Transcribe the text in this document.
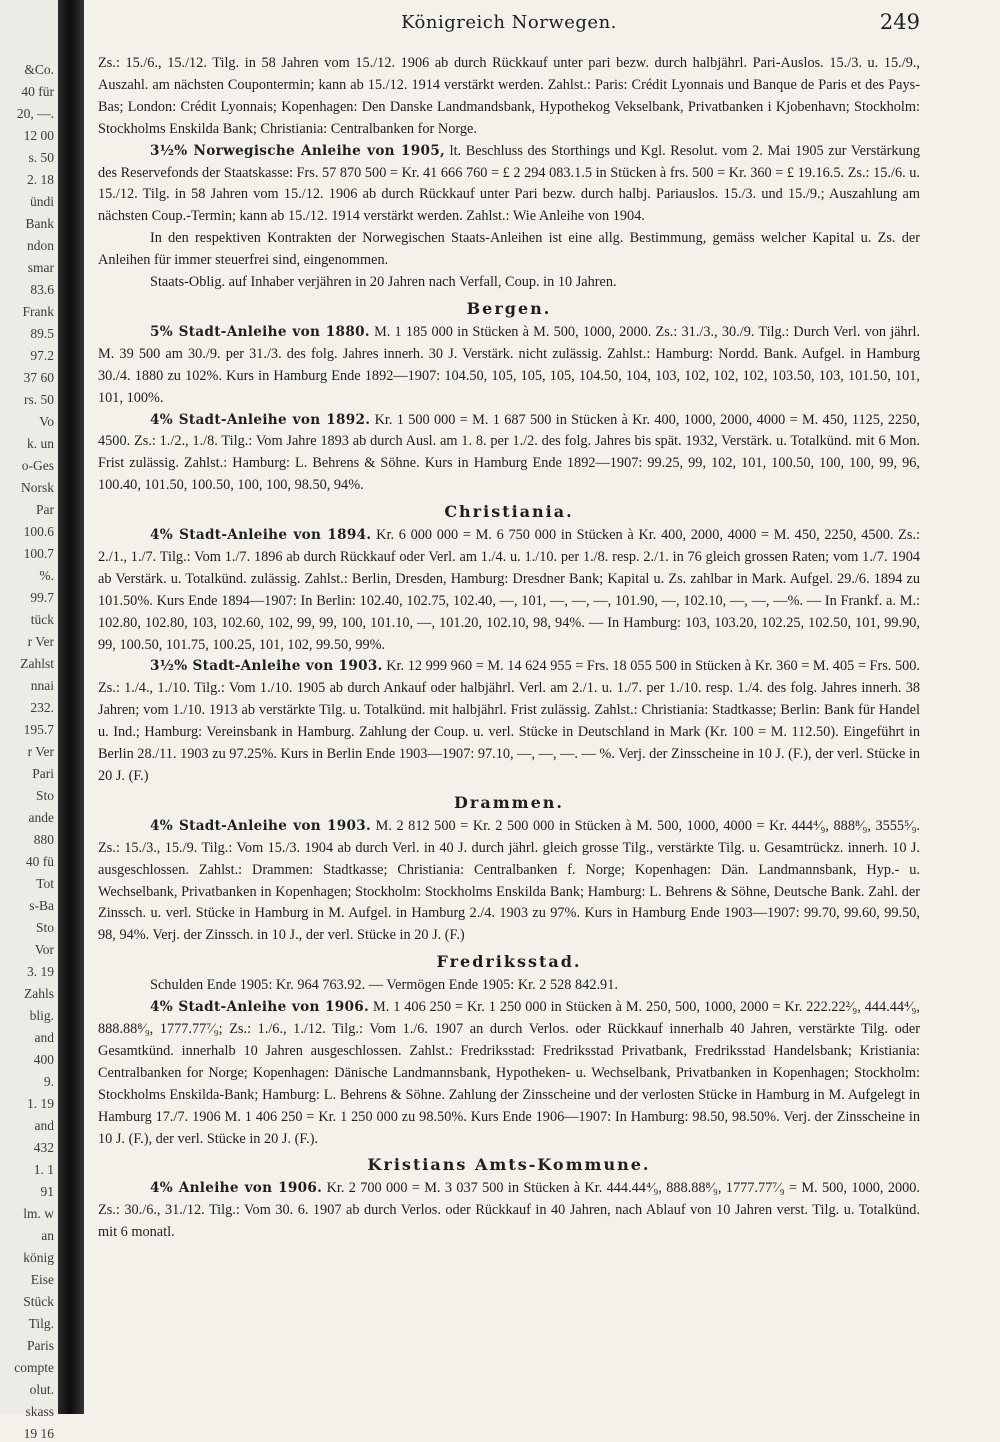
&Co.
40 für
20, —.
12 00
s. 50
2. 18
ündi
Bank
ndon
smar
83.6
Frank
89.5
97.2
37 60
rs. 50
Vo
k. un
o-Ges
Norsk
Par
100.6
100.7
%.
99.7
tück
r Ver
Zahlst
nnai
232.
195.7
r Ver
Pari
Sto
ande
880
40 fü
Tot
s-Ba
Sto
Vor
3. 19
Zahls
blig.
and
400
9.
1. 19
and
432
1. 1
91
lm. w
an
könig
Eise
Stück
Tilg.
Paris
compte
olut.
skass
19 16
Königreich Norwegen.	249

Zs.: 15./6., 15./12. Tilg. in 58 Jahren vom 15./12. 1906 ab durch Rückkauf unter pari bezw. durch halbjährl. Pari-Auslos. 15./3. u. 15./9., Auszahl. am nächsten Coupontermin; kann ab 15./12. 1914 verstärkt werden. Zahlst.: Paris: Crédit Lyonnais und Banque de Paris et des Pays-Bas; London: Crédit Lyonnais; Kopenhagen: Den Danske Landmandsbank, Hypothekog Vekselbank, Privatbanken i Kjobenhavn; Stockholm: Stockholms Enskilda Bank; Christiania: Centralbanken for Norge.

3½% Norwegische Anleihe von 1905, lt. Beschluss des Storthings und Kgl. Resolut. vom 2. Mai 1905 zur Verstärkung des Reservefonds der Staatskasse: Frs. 57 870 500 = Kr. 41 666 760 = £ 2 294 083.1.5 in Stücken à frs. 500 = Kr. 360 = £ 19.16.5. Zs.: 15./6. u. 15./12. Tilg. in 58 Jahren vom 15./12. 1906 ab durch Rückkauf unter Pari bezw. durch halbj. Pariauslos. 15./3. und 15./9.; Auszahlung am nächsten Coup.-Termin; kann ab 15./12. 1914 verstärkt werden. Zahlst.: Wie Anleihe von 1904.

In den respektiven Kontrakten der Norwegischen Staats-Anleihen ist eine allg. Bestimmung, gemäss welcher Kapital u. Zs. der Anleihen für immer steuerfrei sind, eingenommen.

Staats-Oblig. auf Inhaber verjähren in 20 Jahren nach Verfall, Coup. in 10 Jahren.

Bergen.

5% Stadt-Anleihe von 1880. M. 1 185 000 in Stücken à M. 500, 1000, 2000. Zs.: 31./3., 30./9. Tilg.: Durch Verl. von jährl. M. 39 500 am 30./9. per 31./3. des folg. Jahres innerh. 30 J. Verstärk. nicht zulässig. Zahlst.: Hamburg: Nordd. Bank. Aufgel. in Hamburg 30./4. 1880 zu 102%. Kurs in Hamburg Ende 1892—1907: 104.50, 105, 105, 105, 104.50, 104, 103, 102, 102, 102, 103.50, 103, 101.50, 101, 101, 100%.

4% Stadt-Anleihe von 1892. Kr. 1 500 000 = M. 1 687 500 in Stücken à Kr. 400, 1000, 2000, 4000 = M. 450, 1125, 2250, 4500. Zs.: 1./2., 1./8. Tilg.: Vom Jahre 1893 ab durch Ausl. am 1. 8. per 1./2. des folg. Jahres bis spät. 1932, Verstärk. u. Totalkünd. mit 6 Mon. Frist zulässig. Zahlst.: Hamburg: L. Behrens & Söhne. Kurs in Hamburg Ende 1892—1907: 99.25, 99, 102, 101, 100.50, 100, 100, 99, 96, 100.40, 101.50, 100.50, 100, 100, 98.50, 94%.

Christiania.

4% Stadt-Anleihe von 1894. Kr. 6 000 000 = M. 6 750 000 in Stücken à Kr. 400, 2000, 4000 = M. 450, 2250, 4500. Zs.: 2./1., 1./7. Tilg.: Vom 1./7. 1896 ab durch Rückkauf oder Verl. am 1./4. u. 1./10. per 1./8. resp. 2./1. in 76 gleich grossen Raten; vom 1./7. 1904 ab Verstärk. u. Totalkünd. zulässig. Zahlst.: Berlin, Dresden, Hamburg: Dresdner Bank; Kapital u. Zs. zahlbar in Mark. Aufgel. 29./6. 1894 zu 101.50%. Kurs Ende 1894—1907: In Berlin: 102.40, 102.75, 102.40, —, 101, —, —, —, 101.90, —, 102.10, —, —, —%. — In Frankf. a. M.: 102.80, 102.80, 103, 102.60, 102, 99, 99, 100, 101.10, —, 101.20, 102.10, 98, 94%. — In Hamburg: 103, 103.20, 102.25, 102.50, 101, 99.90, 99, 100.50, 101.75, 100.25, 101, 102, 99.50, 99%.

3½% Stadt-Anleihe von 1903. Kr. 12 999 960 = M. 14 624 955 = Frs. 18 055 500 in Stücken à Kr. 360 = M. 405 = Frs. 500. Zs.: 1./4., 1./10. Tilg.: Vom 1./10. 1905 ab durch Ankauf oder halbjährl. Verl. am 2./1. u. 1./7. per 1./10. resp. 1./4. des folg. Jahres innerh. 38 Jahren; vom 1./10. 1913 ab verstärkte Tilg. u. Totalkünd. mit halbjährl. Frist zulässig. Zahlst.: Christiania: Stadtkasse; Berlin: Bank für Handel u. Ind.; Hamburg: Vereinsbank in Hamburg. Zahlung der Coup. u. verl. Stücke in Deutschland in Mark (Kr. 100 = M. 112.50). Eingeführt in Berlin 28./11. 1903 zu 97.25%. Kurs in Berlin Ende 1903—1907: 97.10, —, —, —. — %. Verj. der Zinsscheine in 10 J. (F.), der verl. Stücke in 20 J. (F.)

Drammen.

4% Stadt-Anleihe von 1903. M. 2 812 500 = Kr. 2 500 000 in Stücken à M. 500, 1000, 4000 = Kr. 444⁴⁄₉, 888⁸⁄₉, 3555⁵⁄₉. Zs.: 15./3., 15./9. Tilg.: Vom 15./3. 1904 ab durch Verl. in 40 J. durch jährl. gleich grosse Tilg., verstärkte Tilg. u. Gesamtrückz. innerh. 10 J. ausgeschlossen. Zahlst.: Drammen: Stadtkasse; Christiania: Centralbanken f. Norge; Kopenhagen: Dän. Landmannsbank, Hyp.- u. Wechselbank, Privatbanken in Kopenhagen; Stockholm: Stockholms Enskilda Bank; Hamburg: L. Behrens & Söhne, Deutsche Bank. Zahl. der Zinssch. u. verl. Stücke in Hamburg in M. Aufgel. in Hamburg 2./4. 1903 zu 97%. Kurs in Hamburg Ende 1903—1907: 99.70, 99.60, 99.50, 98, 94%. Verj. der Zinssch. in 10 J., der verl. Stücke in 20 J. (F.)

Fredriksstad.

Schulden Ende 1905: Kr. 964 763.92. — Vermögen Ende 1905: Kr. 2 528 842.91.

4% Stadt-Anleihe von 1906. M. 1 406 250 = Kr. 1 250 000 in Stücken à M. 250, 500, 1000, 2000 = Kr. 222.22²⁄₉, 444.44⁴⁄₉, 888.88⁸⁄₉, 1777.77⁷⁄₉; Zs.: 1./6., 1./12. Tilg.: Vom 1./6. 1907 an durch Verlos. oder Rückkauf innerhalb 40 Jahren, verstärkte Tilg. oder Gesamtkünd. innerhalb 10 Jahren ausgeschlossen. Zahlst.: Fredriksstad: Fredriksstad Privatbank, Fredriksstad Handelsbank; Kristiania: Centralbanken for Norge; Kopenhagen: Dänische Landmannsbank, Hypotheken- u. Wechselbank, Privatbanken in Kopenhagen; Stockholm: Stockholms Enskilda-Bank; Hamburg: L. Behrens & Söhne. Zahlung der Zinsscheine und der verlosten Stücke in Hamburg in M. Aufgelegt in Hamburg 17./7. 1906 M. 1 406 250 = Kr. 1 250 000 zu 98.50%. Kurs Ende 1906—1907: In Hamburg: 98.50, 98.50%. Verj. der Zinsscheine in 10 J. (F.), der verl. Stücke in 20 J. (F.).

Kristians Amts-Kommune.

4% Anleihe von 1906. Kr. 2 700 000 = M. 3 037 500 in Stücken à Kr. 444.44⁴⁄₉, 888.88⁸⁄₉, 1777.77⁷⁄₉ = M. 500, 1000, 2000. Zs.: 30./6., 31./12. Tilg.: Vom 30. 6. 1907 ab durch Verlos. oder Rückkauf in 40 Jahren, nach Ablauf von 10 Jahren verst. Tilg. u. Totalkünd. mit 6 monatl.
